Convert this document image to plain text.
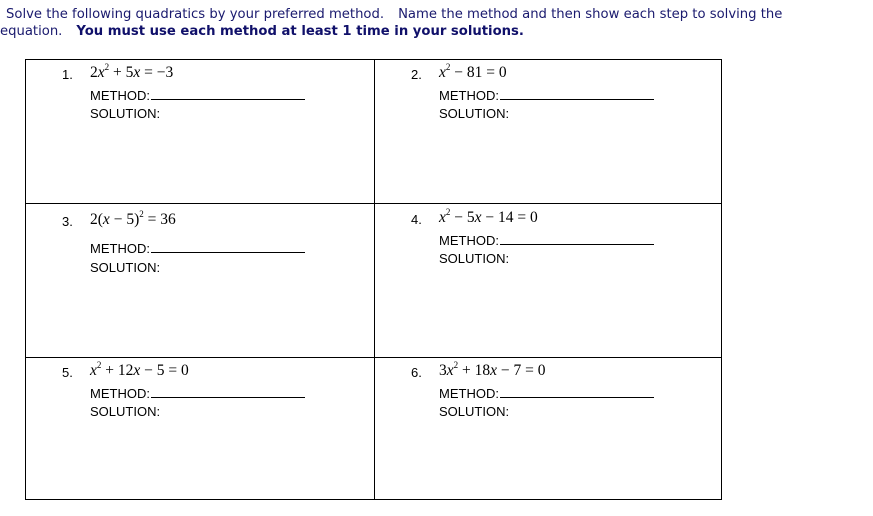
Solve the following quadratics by your preferred method. Name the method and then show each step to solving the
equation. You must use each method at least 1 time in your solutions.
1. $2x^2 + 5x = -3$
METHOD:
SOLUTION:
2. $x^2 - 81 = 0$
METHOD:
SOLUTION:
3. $2(x - 5)^2 = 36$
METHOD:
SOLUTION:
4. $x^2 - 5x - 14 = 0$
METHOD:
SOLUTION:
5. $x^2 + 12x - 5 = 0$
METHOD:
SOLUTION:
6. $3x^2 + 18x - 7 = 0$
METHOD:
SOLUTION:
